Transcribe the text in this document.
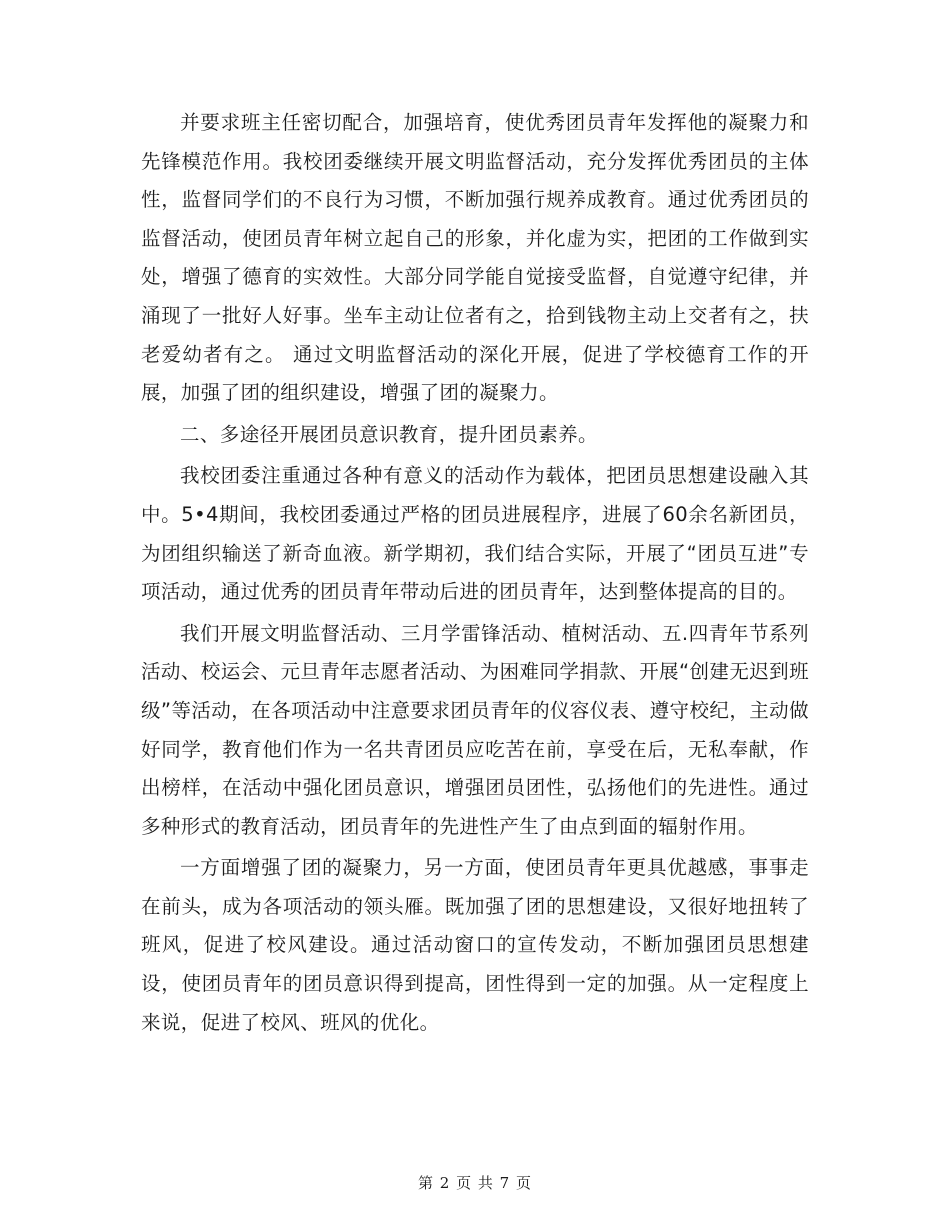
并要求班主任密切配合，加强培育，使优秀团员青年发挥他的凝聚力和先锋模范作用。我校团委继续开展文明监督活动，充分发挥优秀团员的主体性，监督同学们的不良行为习惯，不断加强行规养成教育。通过优秀团员的监督活动，使团员青年树立起自己的形象，并化虚为实，把团的工作做到实处，增强了德育的实效性。大部分同学能自觉接受监督，自觉遵守纪律，并涌现了一批好人好事。坐车主动让位者有之，拾到钱物主动上交者有之，扶老爱幼者有之。 通过文明监督活动的深化开展，促进了学校德育工作的开展，加强了团的组织建设，增强了团的凝聚力。

二、多途径开展团员意识教育，提升团员素养。

我校团委注重通过各种有意义的活动作为载体，把团员思想建设融入其中。5•4期间，我校团委通过严格的团员进展程序，进展了60余名新团员，为团组织输送了新奇血液。新学期初，我们结合实际，开展了“团员互进”专项活动，通过优秀的团员青年带动后进的团员青年，达到整体提高的目的。

我们开展文明监督活动、三月学雷锋活动、植树活动、五.四青年节系列活动、校运会、元旦青年志愿者活动、为困难同学捐款、开展“创建无迟到班级”等活动，在各项活动中注意要求团员青年的仪容仪表、遵守校纪，主动做好同学，教育他们作为一名共青团员应吃苦在前，享受在后，无私奉献，作出榜样，在活动中强化团员意识，增强团员团性，弘扬他们的先进性。通过多种形式的教育活动，团员青年的先进性产生了由点到面的辐射作用。

一方面增强了团的凝聚力，另一方面，使团员青年更具优越感，事事走在前头，成为各项活动的领头雁。既加强了团的思想建设，又很好地扭转了班风，促进了校风建设。通过活动窗口的宣传发动，不断加强团员思想建设，使团员青年的团员意识得到提高，团性得到一定的加强。从一定程度上来说，促进了校风、班风的优化。

第 2 页 共 7 页
